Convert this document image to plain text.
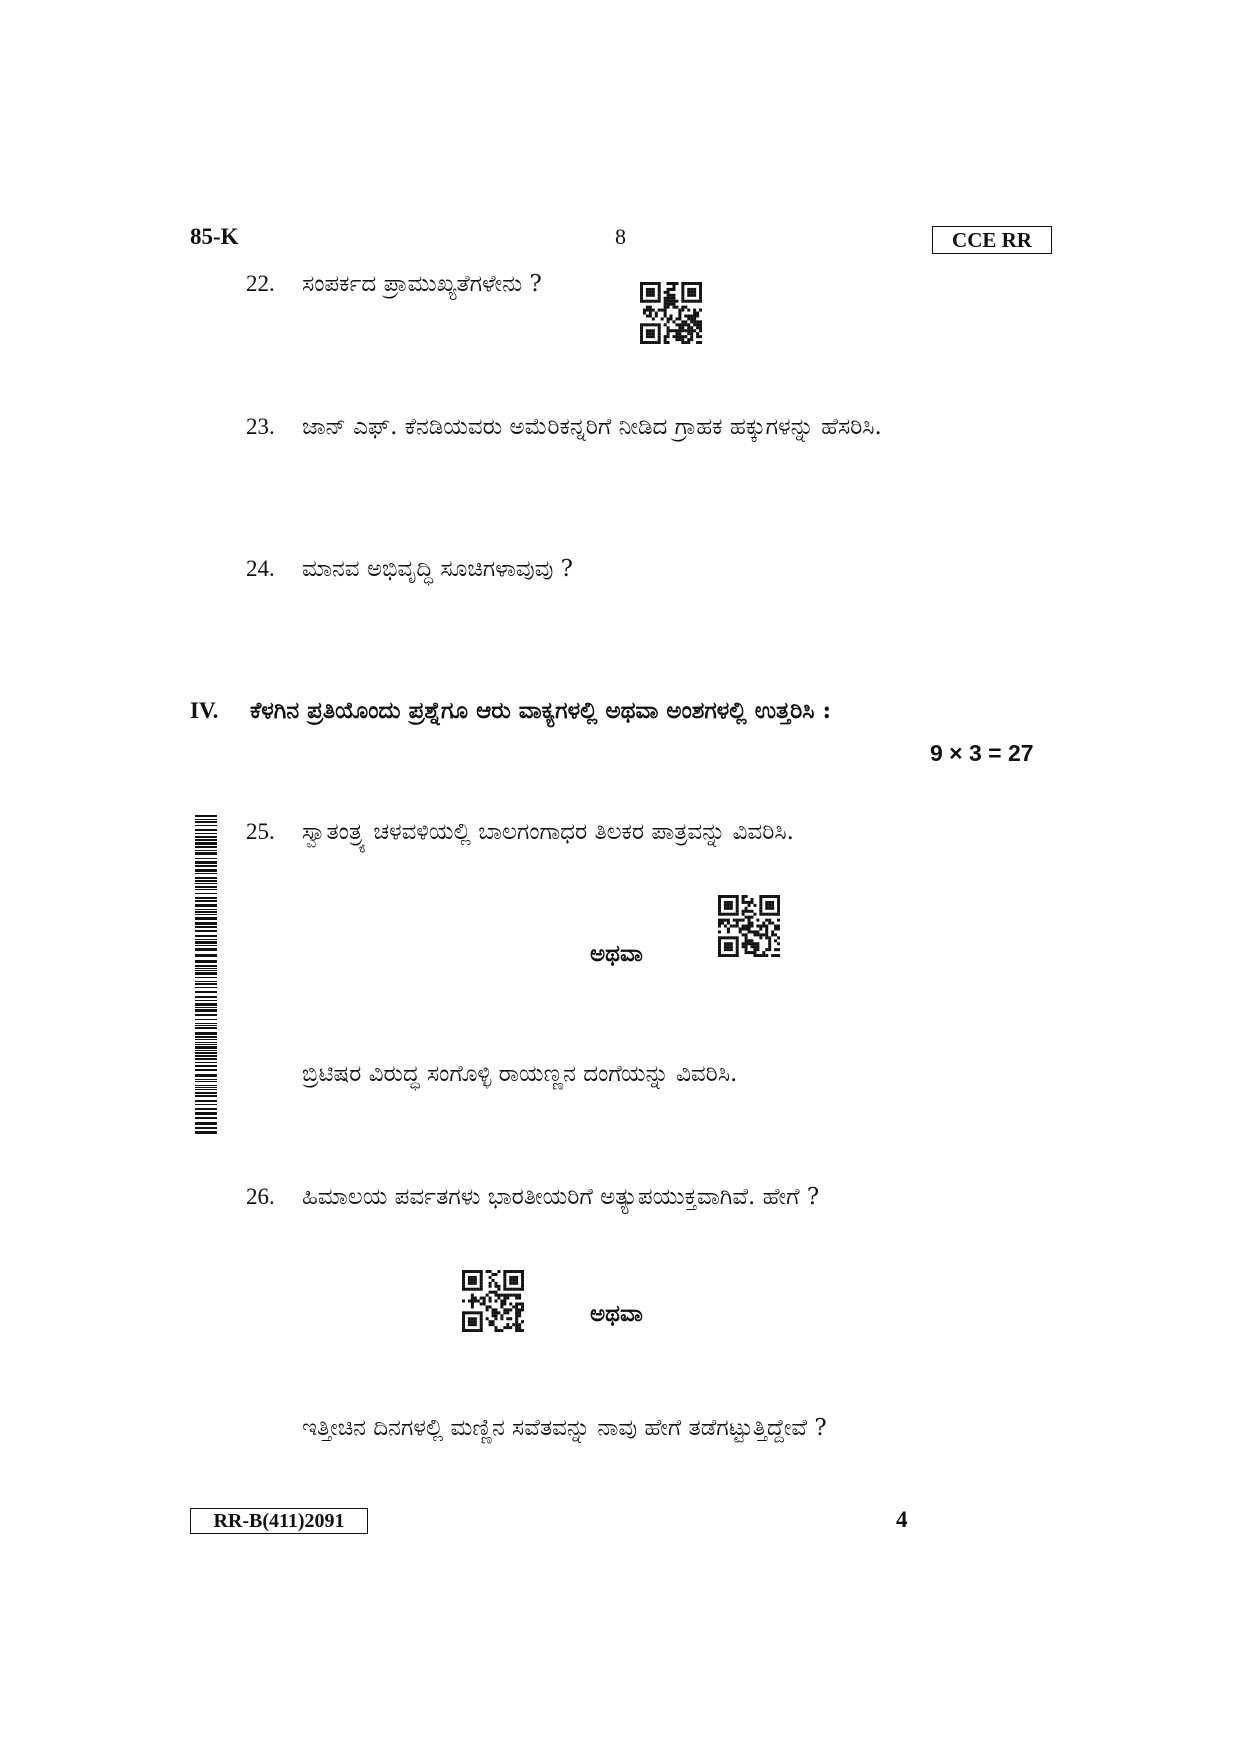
85-K	8	CCE RR
22. ಸಂಪರ್ಕದ ಪ್ರಾಮುಖ್ಯತೆಗಳೇನು ?
23. ಜಾನ್ ಎಫ್. ಕೆನಡಿಯವರು ಅಮೆರಿಕನ್ನರಿಗೆ ನೀಡಿದ ಗ್ರಾಹಕ ಹಕ್ಕುಗಳನ್ನು ಹೆಸರಿಸಿ.
24. ಮಾನವ ಅಭಿವೃದ್ಧಿ ಸೂಚಿಗಳಾವುವು ?
IV. ಕೆಳಗಿನ ಪ್ರತಿಯೊಂದು ಪ್ರಶ್ನೆಗೂ ಆರು ವಾಕ್ಯಗಳಲ್ಲಿ ಅಥವಾ ಅಂಶಗಳಲ್ಲಿ ಉತ್ತರಿಸಿ :
9 × 3 = 27
25. ಸ್ವಾತಂತ್ರ್ಯ ಚಳವಳಿಯಲ್ಲಿ ಬಾಲಗಂಗಾಧರ ತಿಲಕರ ಪಾತ್ರವನ್ನು ವಿವರಿಸಿ.
ಅಥವಾ
ಬ್ರಿಟಿಷರ ವಿರುದ್ಧ ಸಂಗೊಳ್ಳಿ ರಾಯಣ್ಣನ ದಂಗೆಯನ್ನು ವಿವರಿಸಿ.
26. ಹಿಮಾಲಯ ಪರ್ವತಗಳು ಭಾರತೀಯರಿಗೆ ಅತ್ಯುಪಯುಕ್ತವಾಗಿವೆ. ಹೇಗೆ ?
ಅಥವಾ
ಇತ್ತೀಚಿನ ದಿನಗಳಲ್ಲಿ ಮಣ್ಣಿನ ಸವೆತವನ್ನು ನಾವು ಹೇಗೆ ತಡೆಗಟ್ಟುತ್ತಿದ್ದೇವೆ ?
RR-B(411)2091	4
